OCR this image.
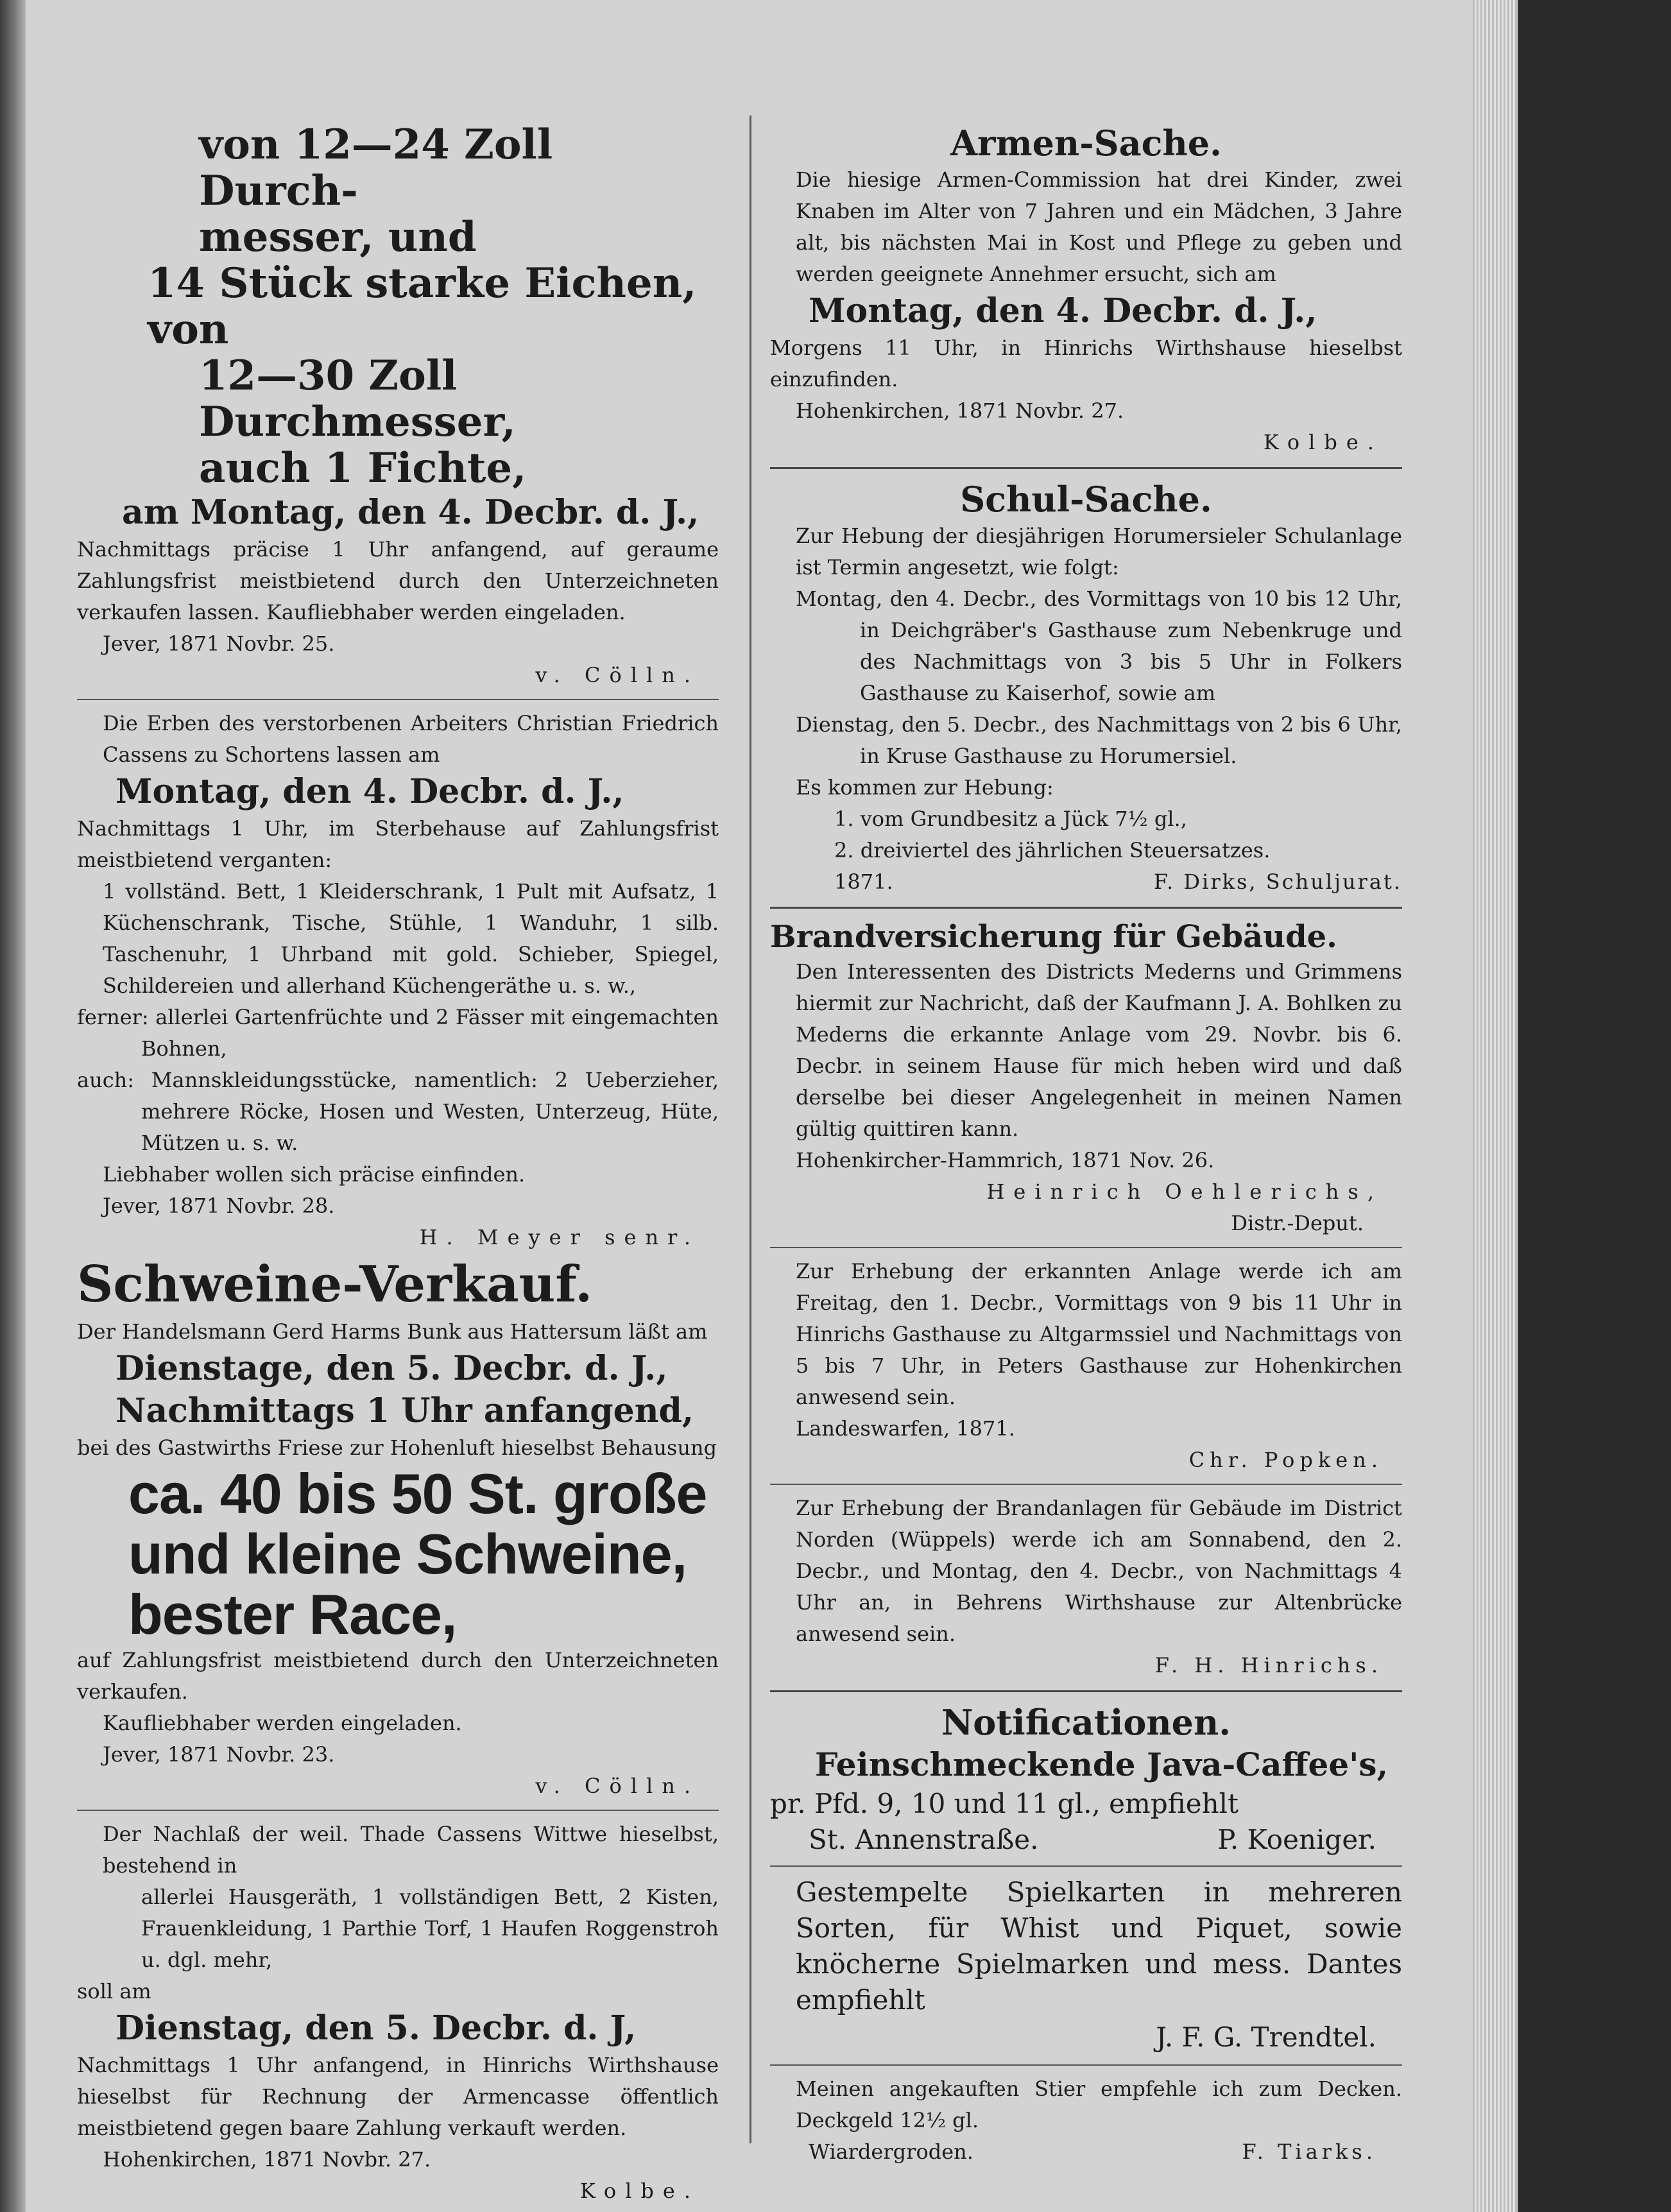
von 12—24 Zoll Durch-

messer, und

14 Stück starke Eichen, von

12—30 Zoll Durchmesser,

auch 1 Fichte,

am Montag, den 4. Decbr. d. J.,

Nachmittags präcise 1 Uhr anfangend, auf geraume Zahlungsfrist meistbietend durch den Unterzeichneten verkaufen lassen. Kaufliebhaber werden eingeladen.

Jever, 1871 Novbr. 25.

v. Cölln.

Die Erben des verstorbenen Arbeiters Christian Friedrich Cassens zu Schortens lassen am

Montag, den 4. Decbr. d. J.,

Nachmittags 1 Uhr, im Sterbehause auf Zahlungsfrist meistbietend verganten:

1 vollständ. Bett, 1 Kleiderschrank, 1 Pult mit Aufsatz, 1 Küchenschrank, Tische, Stühle, 1 Wanduhr, 1 silb. Taschenuhr, 1 Uhrband mit gold. Schieber, Spiegel, Schildereien und allerhand Küchengeräthe u. s. w.,

ferner: allerlei Gartenfrüchte und 2 Fässer mit eingemachten Bohnen,

auch: Mannskleidungsstücke, namentlich: 2 Ueberzieher, mehrere Röcke, Hosen und Westen, Unterzeug, Hüte, Mützen u. s. w.

Liebhaber wollen sich präcise einfinden.

Jever, 1871 Novbr. 28.

H. Meyer senr.

Schweine-Verkauf.

Der Handelsmann Gerd Harms Bunk aus Hattersum läßt am

Dienstage, den 5. Decbr. d. J.,

Nachmittags 1 Uhr anfangend,

bei des Gastwirths Friese zur Hohenluft hieselbst Behausung

ca. 40 bis 50 St. große und kleine Schweine, bester Race,

auf Zahlungsfrist meistbietend durch den Unterzeichneten verkaufen.

Kaufliebhaber werden eingeladen.

Jever, 1871 Novbr. 23.

v. Cölln.

Der Nachlaß der weil. Thade Cassens Wittwe hieselbst, bestehend in

allerlei Hausgeräth, 1 vollständigen Bett, 2 Kisten, Frauenkleidung, 1 Parthie Torf, 1 Haufen Roggenstroh u. dgl. mehr,

soll am

Dienstag, den 5. Decbr. d. J,

Nachmittags 1 Uhr anfangend, in Hinrichs Wirthshause hieselbst für Rechnung der Armencasse öffentlich meistbietend gegen baare Zahlung verkauft werden.

Hohenkirchen, 1871 Novbr. 27.

Kolbe.

Armen-Sache.

Die hiesige Armen-Commission hat drei Kinder, zwei Knaben im Alter von 7 Jahren und ein Mädchen, 3 Jahre alt, bis nächsten Mai in Kost und Pflege zu geben und werden geeignete Annehmer ersucht, sich am

Montag, den 4. Decbr. d. J.,

Morgens 11 Uhr, in Hinrichs Wirthshause hieselbst einzufinden.

Hohenkirchen, 1871 Novbr. 27.

Kolbe.

Schul-Sache.

Zur Hebung der diesjährigen Horumersieler Schulanlage ist Termin angesetzt, wie folgt:

Montag, den 4. Decbr., des Vormittags von 10 bis 12 Uhr, in Deichgräber's Gasthause zum Nebenkruge und des Nachmittags von 3 bis 5 Uhr in Folkers Gasthause zu Kaiserhof, sowie am

Dienstag, den 5. Decbr., des Nachmittags von 2 bis 6 Uhr, in Kruse Gasthause zu Horumersiel.

Es kommen zur Hebung:

1. vom Grundbesitz a Jück 7½ gl.,

2. dreiviertel des jährlichen Steuersatzes.

1871.	F. Dirks, Schuljurat.

Brandversicherung für Gebäude.

Den Interessenten des Districts Mederns und Grimmens hiermit zur Nachricht, daß der Kaufmann J. A. Bohlken zu Mederns die erkannte Anlage vom 29. Novbr. bis 6. Decbr. in seinem Hause für mich heben wird und daß derselbe bei dieser Angelegenheit in meinen Namen gültig quittiren kann.

Hohenkircher-Hammrich, 1871 Nov. 26.

Heinrich Oehlerichs,

Distr.-Deput.

Zur Erhebung der erkannten Anlage werde ich am Freitag, den 1. Decbr., Vormittags von 9 bis 11 Uhr in Hinrichs Gasthause zu Altgarmssiel und Nachmittags von 5 bis 7 Uhr, in Peters Gasthause zur Hohenkirchen anwesend sein.

Landeswarfen, 1871.

Chr. Popken.

Zur Erhebung der Brandanlagen für Gebäude im District Norden (Wüppels) werde ich am Sonnabend, den 2. Decbr., und Montag, den 4. Decbr., von Nachmittags 4 Uhr an, in Behrens Wirthshause zur Altenbrücke anwesend sein.

F. H. Hinrichs.

Notificationen.

Feinschmeckende Java-Caffee's,

pr. Pfd. 9, 10 und 11 gl., empfiehlt

St. Annenstraße.	P. Koeniger.

Gestempelte Spielkarten in mehreren Sorten, für Whist und Piquet, sowie knöcherne Spielmarken und mess. Dantes empfiehlt

J. F. G. Trendtel.

Meinen angekauften Stier empfehle ich zum Decken. Deckgeld 12½ gl.

Wiardergroden.	F. Tiarks.
